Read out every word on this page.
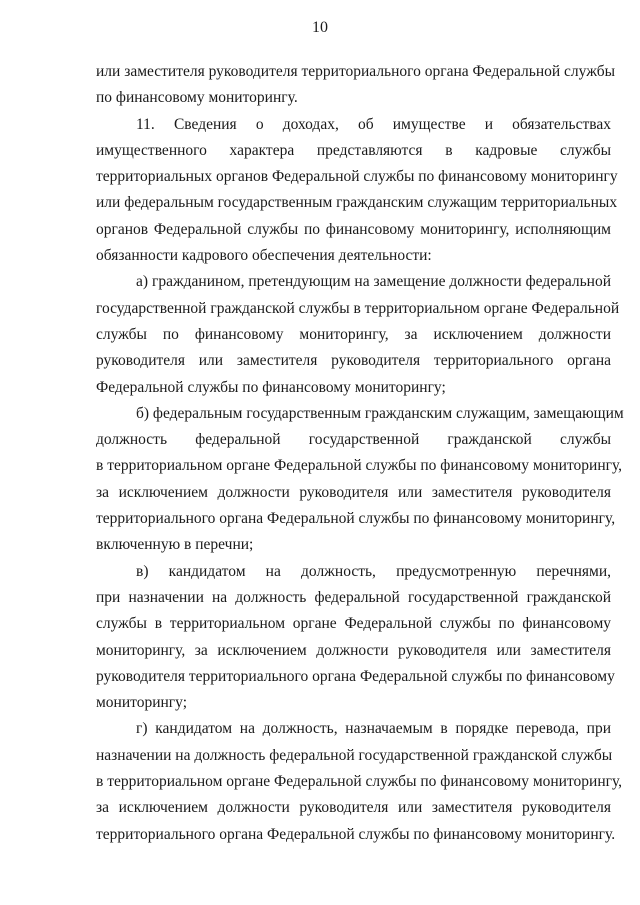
10
или заместителя руководителя территориального органа Федеральной службы
по финансовому мониторингу.
11. Сведения о доходах, об имуществе и обязательствах
имущественного характера представляются в кадровые службы
территориальных органов Федеральной службы по финансовому мониторингу
или федеральным государственным гражданским служащим территориальных
органов Федеральной службы по финансовому мониторингу, исполняющим
обязанности кадрового обеспечения деятельности:
а) гражданином, претендующим на замещение должности федеральной
государственной гражданской службы в территориальном органе Федеральной
службы по финансовому мониторингу, за исключением должности
руководителя или заместителя руководителя территориального органа
Федеральной службы по финансовому мониторингу;
б) федеральным государственным гражданским служащим, замещающим
должность федеральной государственной гражданской службы
в территориальном органе Федеральной службы по финансовому мониторингу,
за исключением должности руководителя или заместителя руководителя
территориального органа Федеральной службы по финансовому мониторингу,
включенную в перечни;
в) кандидатом на должность, предусмотренную перечнями,
при назначении на должность федеральной государственной гражданской
службы в территориальном органе Федеральной службы по финансовому
мониторингу, за исключением должности руководителя или заместителя
руководителя территориального органа Федеральной службы по финансовому
мониторингу;
г) кандидатом на должность, назначаемым в порядке перевода, при
назначении на должность федеральной государственной гражданской службы
в территориальном органе Федеральной службы по финансовому мониторингу,
за исключением должности руководителя или заместителя руководителя
территориального органа Федеральной службы по финансовому мониторингу.
